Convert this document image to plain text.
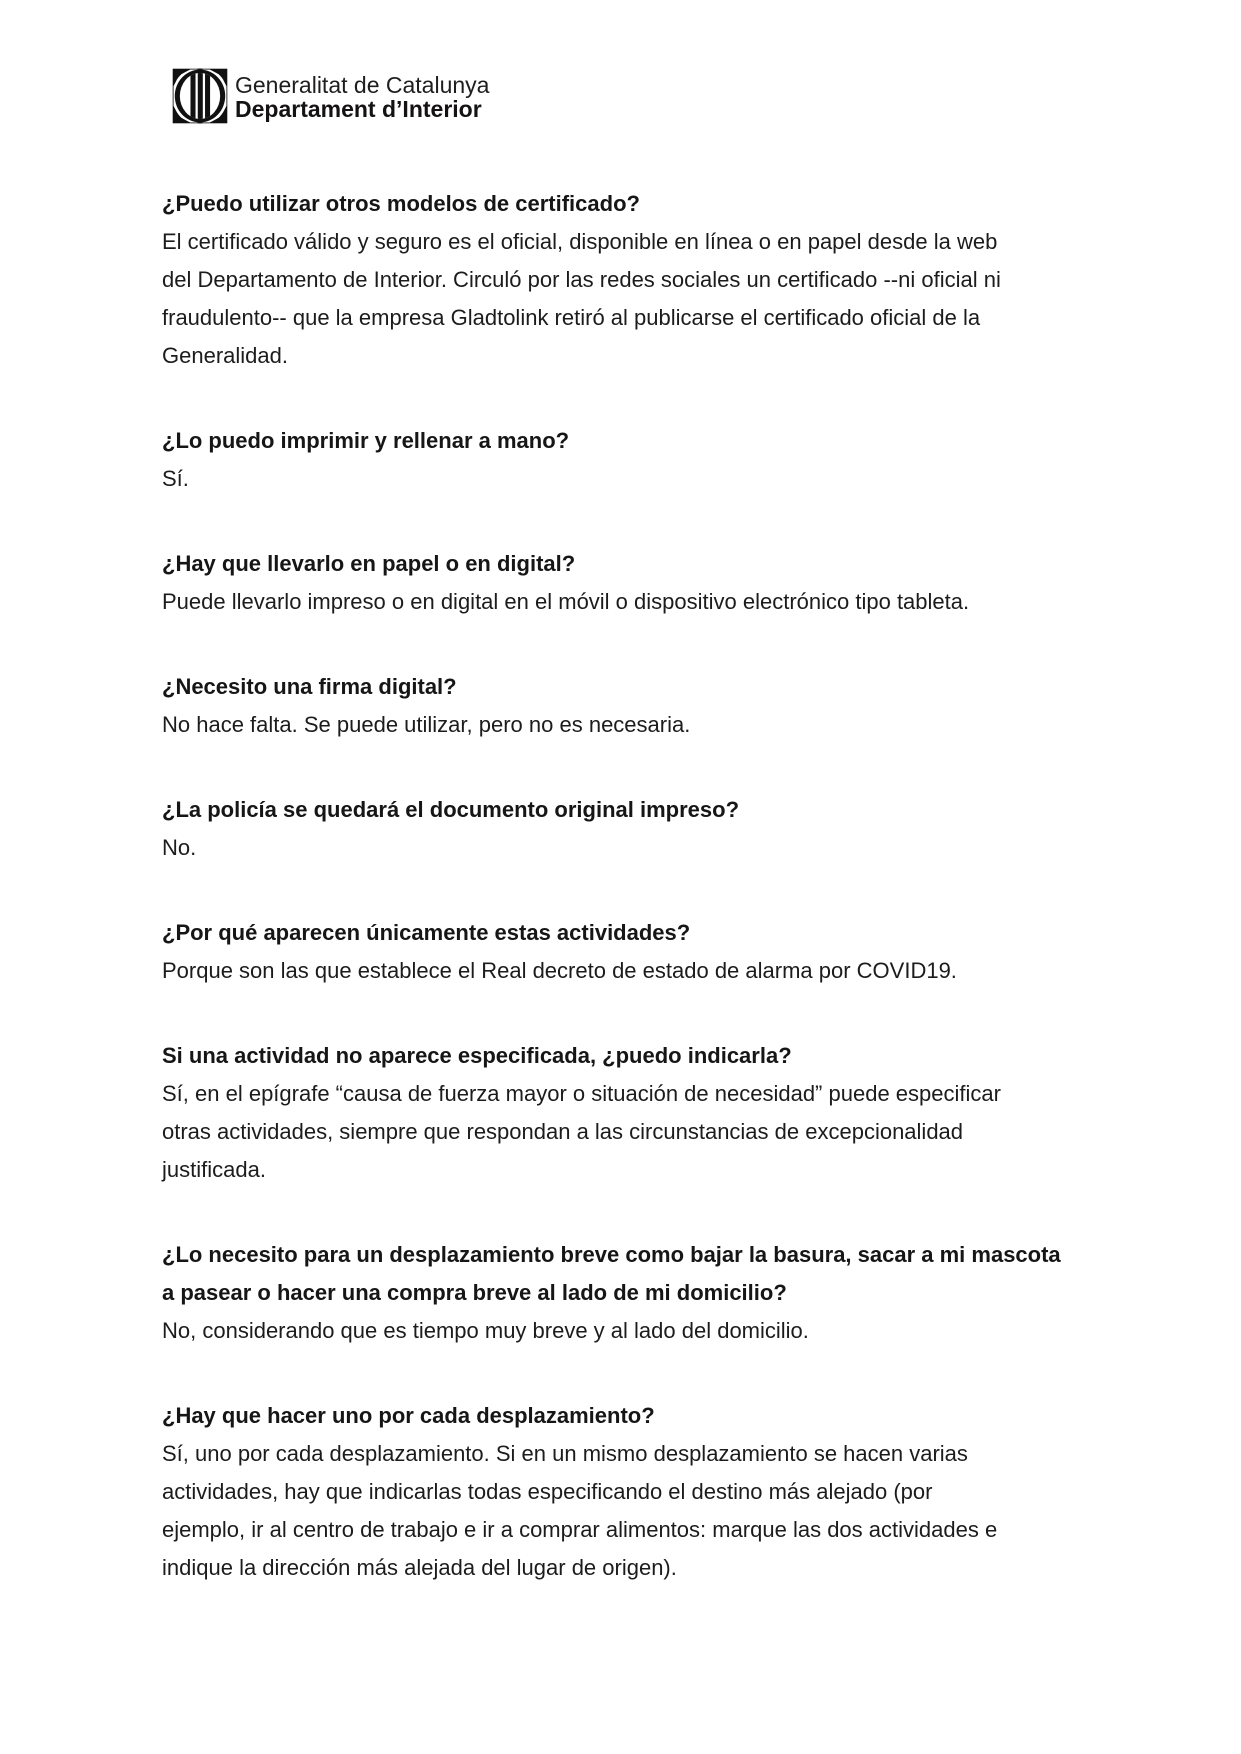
Generalitat de Catalunya
Departament d’Interior
¿Puedo utilizar otros modelos de certificado?

El certificado válido y seguro es el oficial, disponible en línea o en papel desde la web
del Departamento de Interior. Circuló por las redes sociales un certificado --ni oficial ni
fraudulento-- que la empresa Gladtolink retiró al publicarse el certificado oficial de la
Generalidad.

¿Lo puedo imprimir y rellenar a mano?

Sí.

¿Hay que llevarlo en papel o en digital?

Puede llevarlo impreso o en digital en el móvil o dispositivo electrónico tipo tableta.

¿Necesito una firma digital?

No hace falta. Se puede utilizar, pero no es necesaria.

¿La policía se quedará el documento original impreso?

No.

¿Por qué aparecen únicamente estas actividades?

Porque son las que establece el Real decreto de estado de alarma por COVID19.

Si una actividad no aparece especificada, ¿puedo indicarla?

Sí, en el epígrafe “causa de fuerza mayor o situación de necesidad” puede especificar
otras actividades, siempre que respondan a las circunstancias de excepcionalidad
justificada.

¿Lo necesito para un desplazamiento breve como bajar la basura, sacar a mi mascota
a pasear o hacer una compra breve al lado de mi domicilio?

No, considerando que es tiempo muy breve y al lado del domicilio.

¿Hay que hacer uno por cada desplazamiento?

Sí, uno por cada desplazamiento. Si en un mismo desplazamiento se hacen varias
actividades, hay que indicarlas todas especificando el destino más alejado (por
ejemplo, ir al centro de trabajo e ir a comprar alimentos: marque las dos actividades e
indique la dirección más alejada del lugar de origen).
